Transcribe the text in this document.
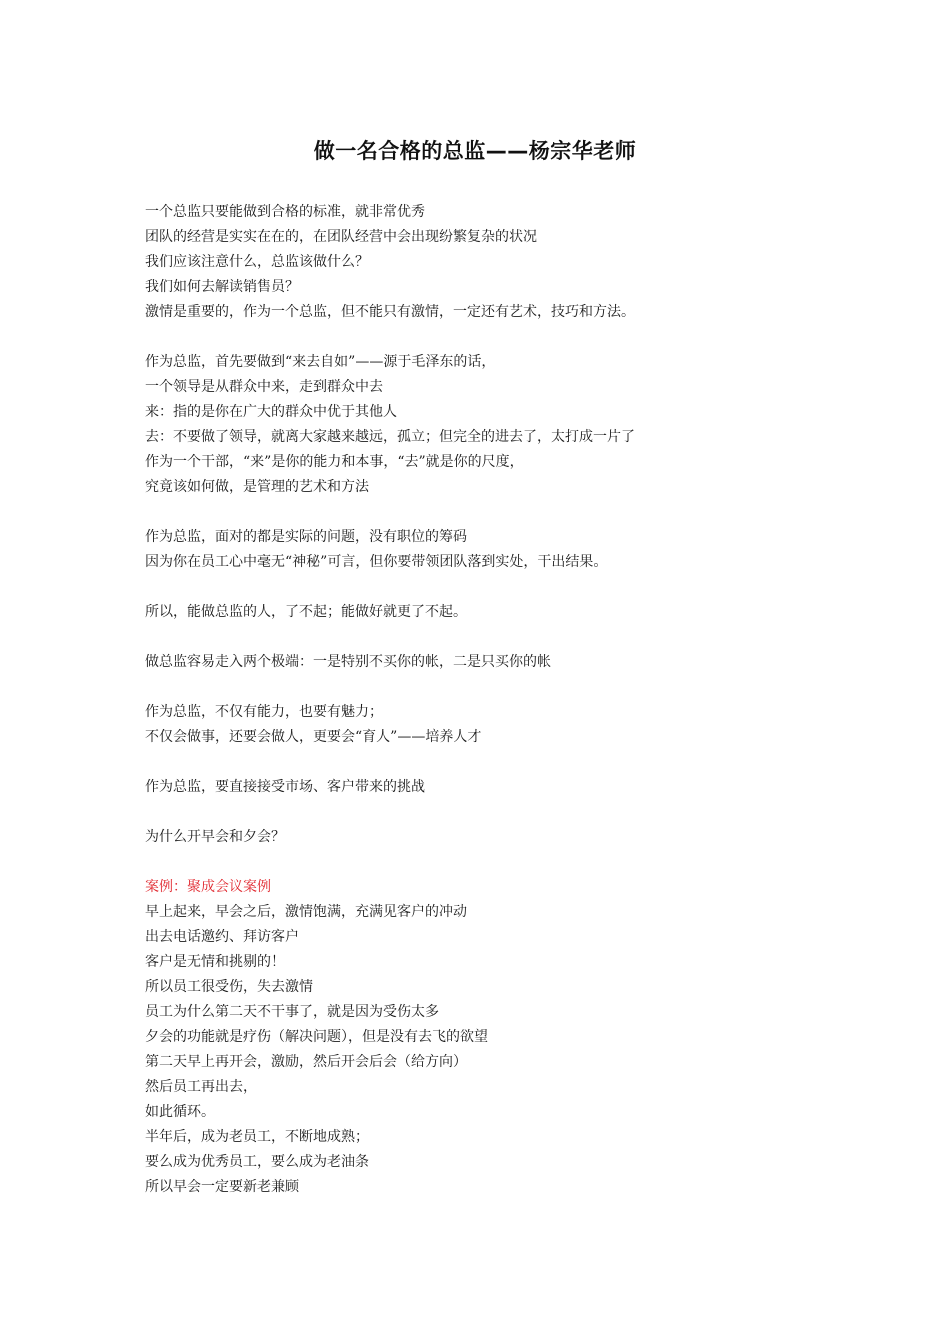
做一名合格的总监——杨宗华老师
一个总监只要能做到合格的标准，就非常优秀
团队的经营是实实在在的，在团队经营中会出现纷繁复杂的状况
我们应该注意什么，总监该做什么？
我们如何去解读销售员？
激情是重要的，作为一个总监，但不能只有激情，一定还有艺术，技巧和方法。
作为总监，首先要做到“来去自如”——源于毛泽东的话，
一个领导是从群众中来，走到群众中去
来：指的是你在广大的群众中优于其他人
去：不要做了领导，就离大家越来越远，孤立；但完全的进去了，太打成一片了
作为一个干部，“来”是你的能力和本事，“去”就是你的尺度，
究竟该如何做，是管理的艺术和方法
作为总监，面对的都是实际的问题，没有职位的筹码
因为你在员工心中毫无“神秘”可言，但你要带领团队落到实处，干出结果。
所以，能做总监的人，了不起；能做好就更了不起。
做总监容易走入两个极端：一是特别不买你的帐，二是只买你的帐
作为总监，不仅有能力，也要有魅力；
不仅会做事，还要会做人，更要会“育人”——培养人才
作为总监，要直接接受市场、客户带来的挑战
为什么开早会和夕会？
案例：聚成会议案例
早上起来，早会之后，激情饱满，充满见客户的冲动
出去电话邀约、拜访客户
客户是无情和挑剔的！
所以员工很受伤，失去激情
员工为什么第二天不干事了，就是因为受伤太多
夕会的功能就是疗伤（解决问题），但是没有去飞的欲望
第二天早上再开会，激励，然后开会后会（给方向）
然后员工再出去，
如此循环。
半年后，成为老员工，不断地成熟；
要么成为优秀员工，要么成为老油条
所以早会一定要新老兼顾
